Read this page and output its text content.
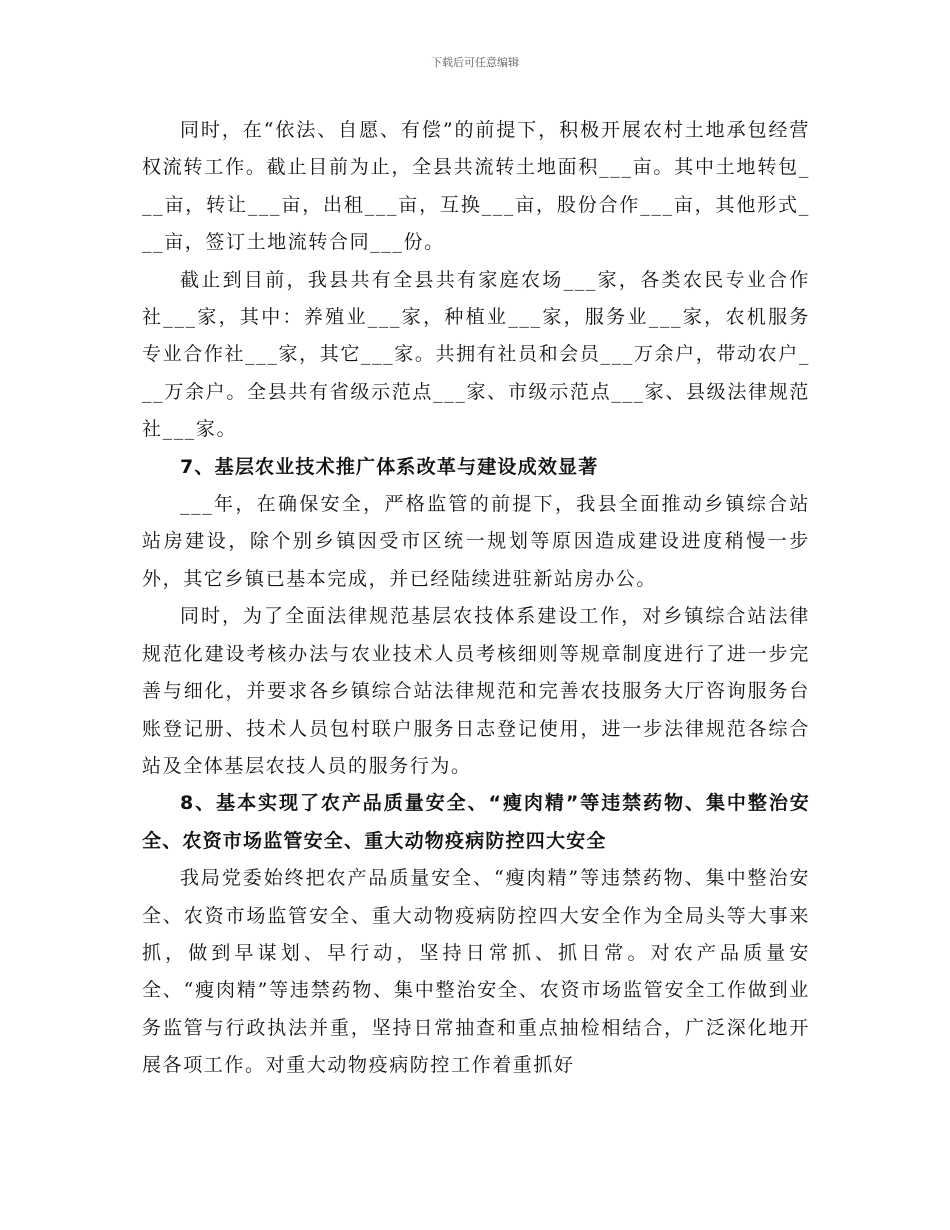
下载后可任意编辑

同时，在“依法、自愿、有偿”的前提下，积极开展农村土地承包经营权流转工作。截止目前为止，全县共流转土地面积___亩。其中土地转包___亩，转让___亩，出租___亩，互换___亩，股份合作___亩，其他形式___亩，签订土地流转合同___份。

截止到目前，我县共有全县共有家庭农场___家，各类农民专业合作社___家，其中：养殖业___家，种植业___家，服务业___家，农机服务专业合作社___家，其它___家。共拥有社员和会员___万余户，带动农户___万余户。全县共有省级示范点___家、市级示范点___家、县级法律规范社___家。

7、基层农业技术推广体系改革与建设成效显著

___年，在确保安全，严格监管的前提下，我县全面推动乡镇综合站站房建设，除个别乡镇因受市区统一规划等原因造成建设进度稍慢一步外，其它乡镇已基本完成，并已经陆续进驻新站房办公。

同时，为了全面法律规范基层农技体系建设工作，对乡镇综合站法律规范化建设考核办法与农业技术人员考核细则等规章制度进行了进一步完善与细化，并要求各乡镇综合站法律规范和完善农技服务大厅咨询服务台账登记册、技术人员包村联户服务日志登记使用，进一步法律规范各综合站及全体基层农技人员的服务行为。

8、基本实现了农产品质量安全、“瘦肉精”等违禁药物、集中整治安全、农资市场监管安全、重大动物疫病防控四大安全

我局党委始终把农产品质量安全、“瘦肉精”等违禁药物、集中整治安全、农资市场监管安全、重大动物疫病防控四大安全作为全局头等大事来抓，做到早谋划、早行动，坚持日常抓、抓日常。对农产品质量安全、“瘦肉精”等违禁药物、集中整治安全、农资市场监管安全工作做到业务监管与行政执法并重，坚持日常抽查和重点抽检相结合，广泛深化地开展各项工作。对重大动物疫病防控工作着重抓好
